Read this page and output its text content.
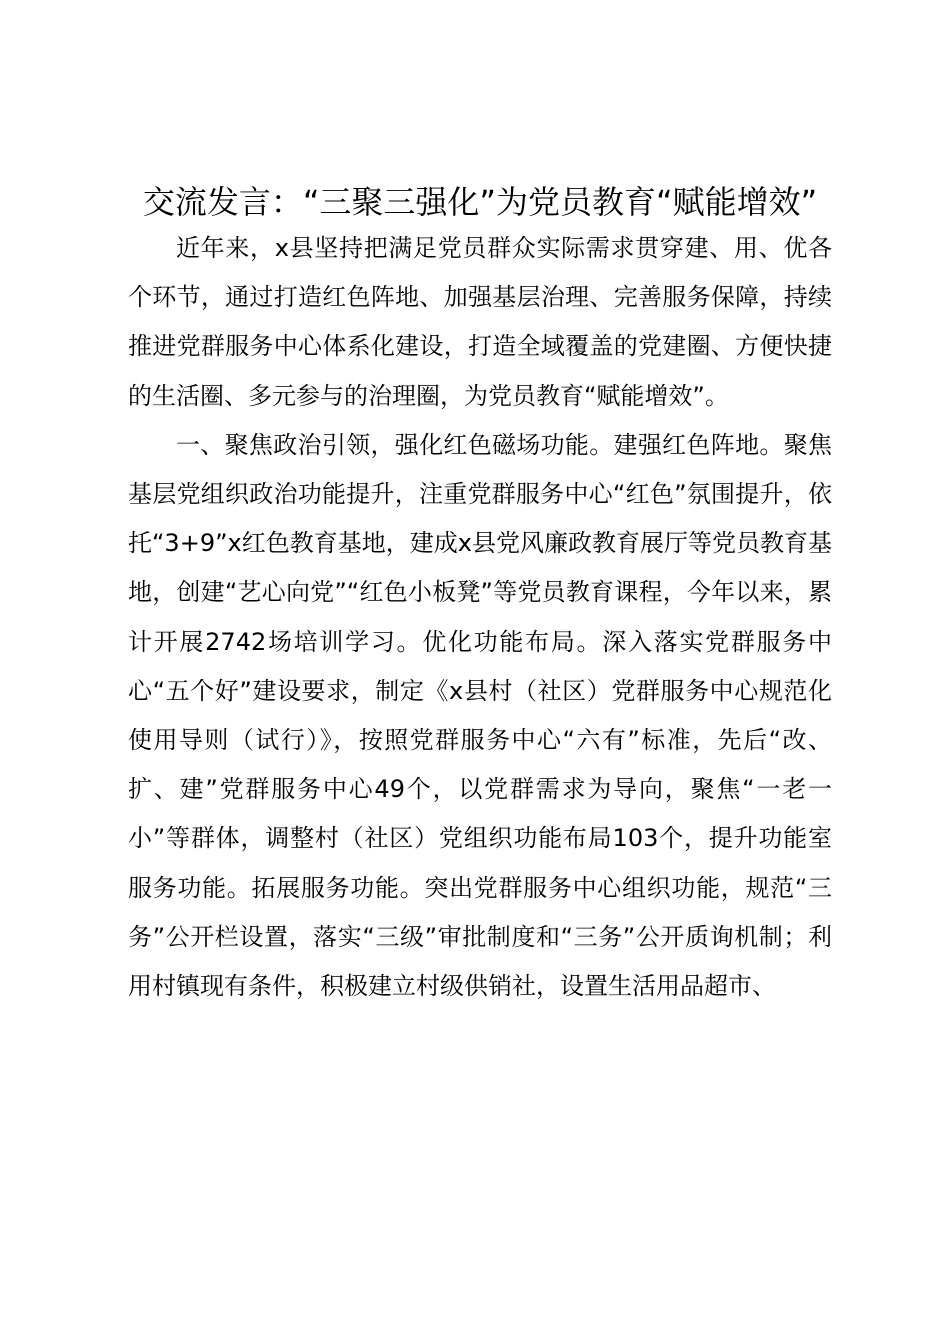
交流发言：“三聚三强化”为党员教育“赋能增效”

近年来，x县坚持把满足党员群众实际需求贯穿建、用、优各个环节，通过打造红色阵地、加强基层治理、完善服务保障，持续推进党群服务中心体系化建设，打造全域覆盖的党建圈、方便快捷的生活圈、多元参与的治理圈，为党员教育“赋能增效”。

一、聚焦政治引领，强化红色磁场功能。建强红色阵地。聚焦基层党组织政治功能提升，注重党群服务中心“红色”氛围提升，依托“3+9”x红色教育基地，建成x县党风廉政教育展厅等党员教育基地，创建“艺心向党”“红色小板凳”等党员教育课程，今年以来，累计开展2742场培训学习。优化功能布局。深入落实党群服务中心“五个好”建设要求，制定《x县村（社区）党群服务中心规范化使用导则（试行）》，按照党群服务中心“六有”标准，先后“改、扩、建”党群服务中心49个，以党群需求为导向，聚焦“一老一小”等群体，调整村（社区）党组织功能布局103个，提升功能室服务功能。拓展服务功能。突出党群服务中心组织功能，规范“三务”公开栏设置，落实“三级”审批制度和“三务”公开质询机制；利用村镇现有条件，积极建立村级供销社，设置生活用品超市、
